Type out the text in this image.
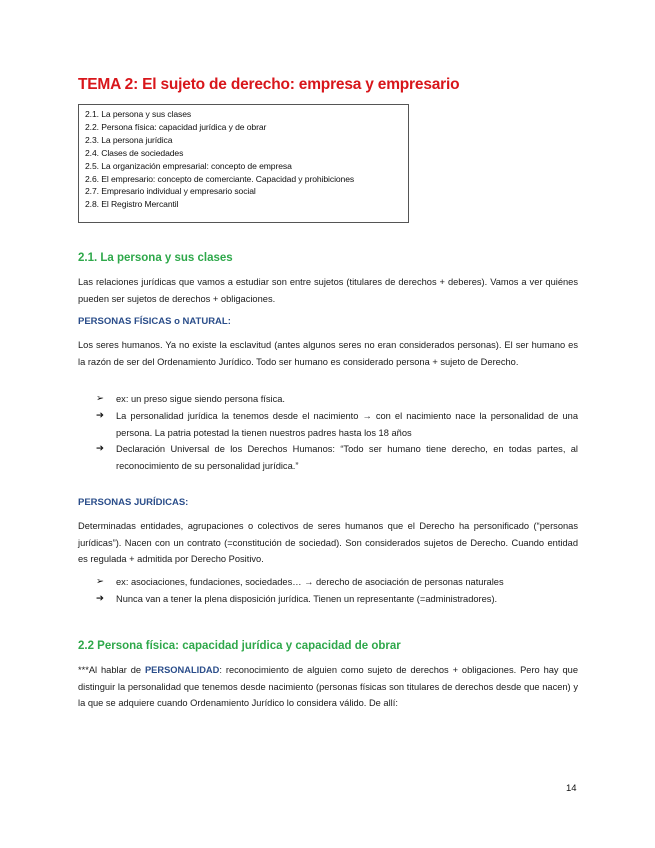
TEMA 2: El sujeto de derecho: empresa y empresario
2.1. La persona y sus clases
2.2. Persona física: capacidad jurídica y de obrar
2.3. La persona jurídica
2.4. Clases de sociedades
2.5. La organización empresarial: concepto de empresa
2.6. El empresario: concepto de comerciante. Capacidad y prohibiciones
2.7. Empresario individual y empresario social
2.8. El Registro Mercantil
2.1. La persona y sus clases
Las relaciones jurídicas que vamos a estudiar son entre sujetos (titulares de derechos + deberes). Vamos a ver quiénes pueden ser sujetos de derechos + obligaciones.
PERSONAS FÍSICAS o NATURAL:
Los seres humanos. Ya no existe la esclavitud (antes algunos seres no eran considerados personas). El ser humano es la razón de ser del Ordenamiento Jurídico. Todo ser humano es considerado persona + sujeto de Derecho.
➢	ex: un preso sigue siendo persona física.
➔	La personalidad jurídica la tenemos desde el nacimiento → con el nacimiento nace la personalidad de una persona. La patria potestad la tienen nuestros padres hasta los 18 años
➔	Declaración Universal de los Derechos Humanos: “Todo ser humano tiene derecho, en todas partes, al reconocimiento de su personalidad jurídica.”
PERSONAS JURÍDICAS:
Determinadas entidades, agrupaciones o colectivos de seres humanos que el Derecho ha personificado (“personas jurídicas”). Nacen con un contrato (=constitución de sociedad). Son considerados sujetos de Derecho. Cuando entidad es regulada + admitida por Derecho Positivo.
➢	ex: asociaciones, fundaciones, sociedades… → derecho de asociación de personas naturales
➔	Nunca van a tener la plena disposición jurídica. Tienen un representante (=administradores).
2.2 Persona física: capacidad jurídica y capacidad de obrar
***Al hablar de PERSONALIDAD: reconocimiento de alguien como sujeto de derechos + obligaciones. Pero hay que distinguir la personalidad que tenemos desde nacimiento (personas físicas son titulares de derechos desde que nacen) y la que se adquiere cuando Ordenamiento Jurídico lo considera válido. De allí:
14
